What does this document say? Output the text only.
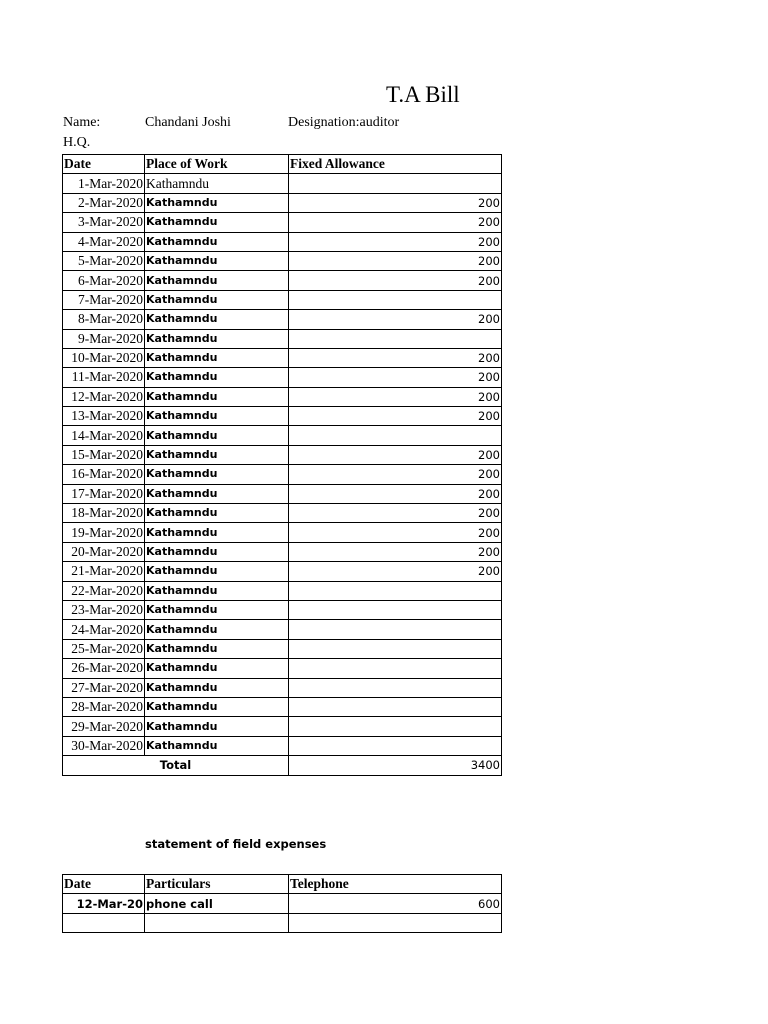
T.A Bill
Name:	Chandani Joshi	Designation:auditor
H.Q.
Date	Place of Work	Fixed Allowance
1-Mar-2020	Kathamndu	
2-Mar-2020	Kathamndu	200
3-Mar-2020	Kathamndu	200
4-Mar-2020	Kathamndu	200
5-Mar-2020	Kathamndu	200
6-Mar-2020	Kathamndu	200
7-Mar-2020	Kathamndu	
8-Mar-2020	Kathamndu	200
9-Mar-2020	Kathamndu	
10-Mar-2020	Kathamndu	200
11-Mar-2020	Kathamndu	200
12-Mar-2020	Kathamndu	200
13-Mar-2020	Kathamndu	200
14-Mar-2020	Kathamndu	
15-Mar-2020	Kathamndu	200
16-Mar-2020	Kathamndu	200
17-Mar-2020	Kathamndu	200
18-Mar-2020	Kathamndu	200
19-Mar-2020	Kathamndu	200
20-Mar-2020	Kathamndu	200
21-Mar-2020	Kathamndu	200
22-Mar-2020	Kathamndu	
23-Mar-2020	Kathamndu	
24-Mar-2020	Kathamndu	
25-Mar-2020	Kathamndu	
26-Mar-2020	Kathamndu	
27-Mar-2020	Kathamndu	
28-Mar-2020	Kathamndu	
29-Mar-2020	Kathamndu	
30-Mar-2020	Kathamndu	
Total		3400
statement of field expenses
Date	Particulars	Telephone
12-Mar-20	phone call	600
